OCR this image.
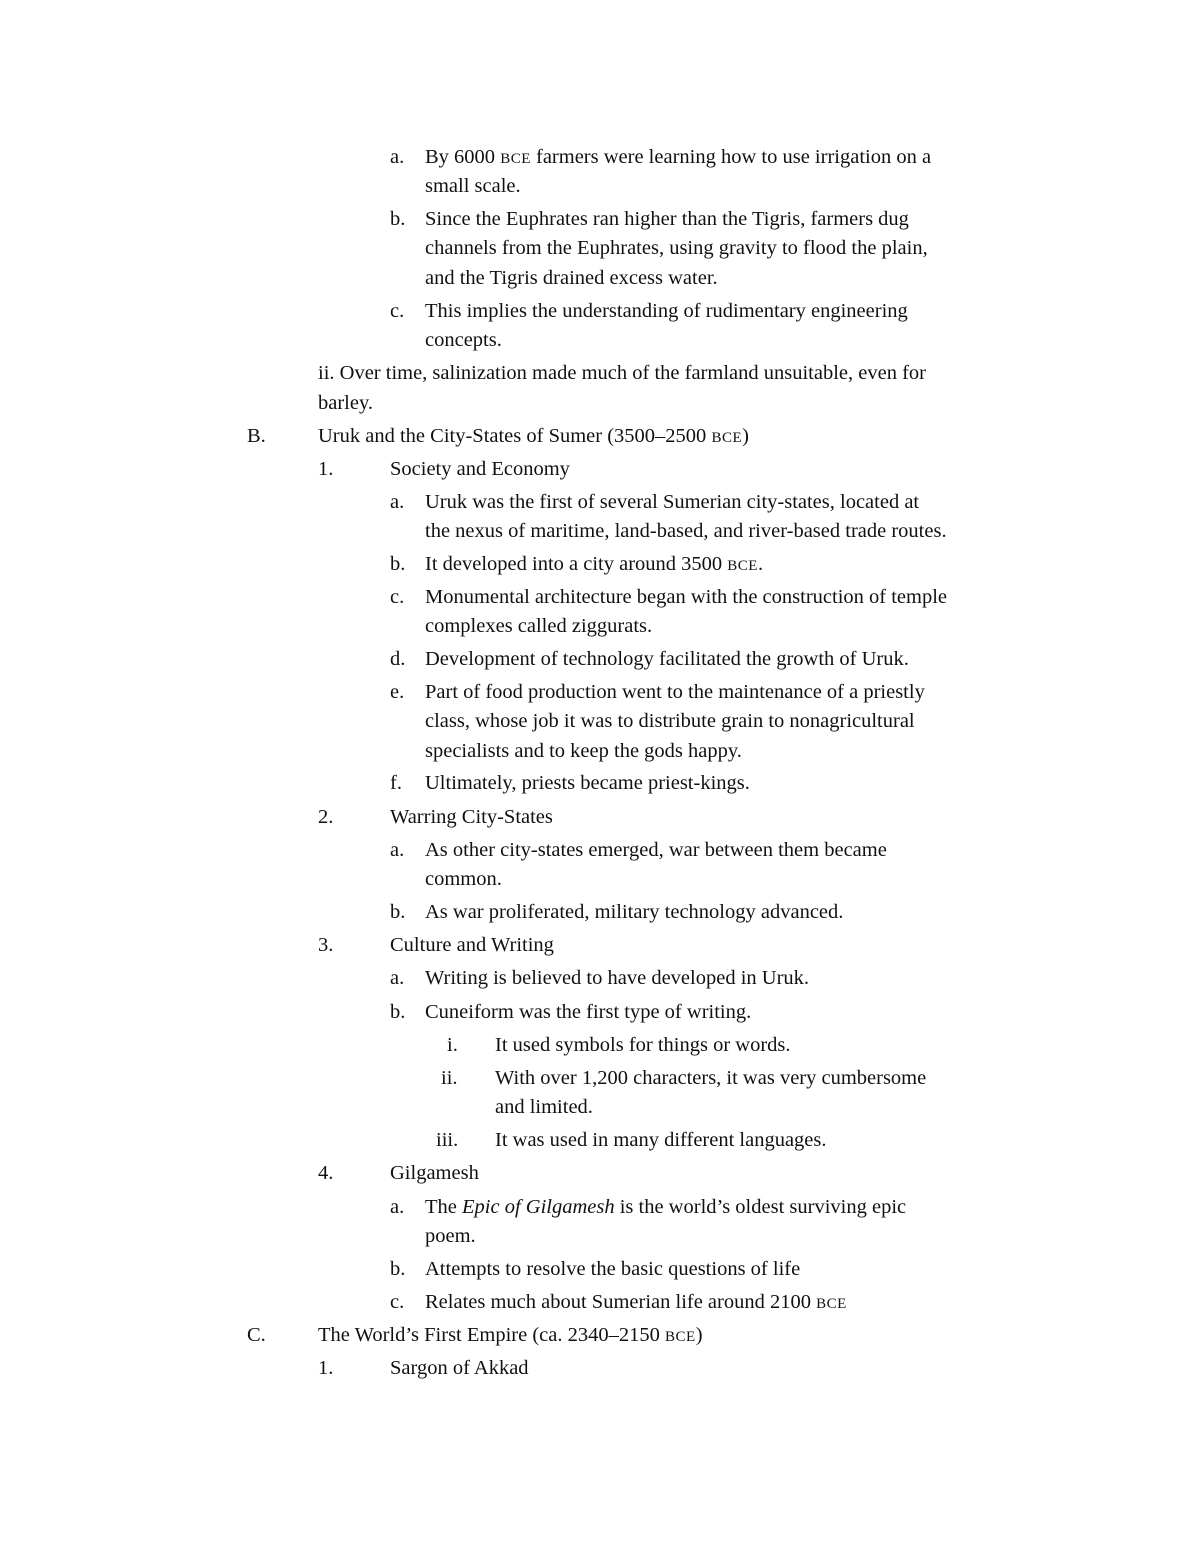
a. By 6000 BCE farmers were learning how to use irrigation on a
small scale.
b. Since the Euphrates ran higher than the Tigris, farmers dug
channels from the Euphrates, using gravity to flood the plain,
and the Tigris drained excess water.
c. This implies the understanding of rudimentary engineering
concepts.
ii. Over time, salinization made much of the farmland unsuitable, even for
barley.
B.	Uruk and the City-States of Sumer (3500–2500 BCE)
1.	Society and Economy
a. Uruk was the first of several Sumerian city-states, located at
the nexus of maritime, land-based, and river-based trade routes.
b. It developed into a city around 3500 BCE.
c. Monumental architecture began with the construction of temple
complexes called ziggurats.
d. Development of technology facilitated the growth of Uruk.
e. Part of food production went to the maintenance of a priestly
class, whose job it was to distribute grain to nonagricultural
specialists and to keep the gods happy.
f. Ultimately, priests became priest-kings.
2.	Warring City-States
a. As other city-states emerged, war between them became
common.
b. As war proliferated, military technology advanced.
3.	Culture and Writing
a. Writing is believed to have developed in Uruk.
b. Cuneiform was the first type of writing.
i. It used symbols for things or words.
ii. With over 1,200 characters, it was very cumbersome
and limited.
iii. It was used in many different languages.
4.	Gilgamesh
a. The Epic of Gilgamesh is the world’s oldest surviving epic
poem.
b. Attempts to resolve the basic questions of life
c. Relates much about Sumerian life around 2100 BCE
C.	The World’s First Empire (ca. 2340–2150 BCE)
1.	Sargon of Akkad
